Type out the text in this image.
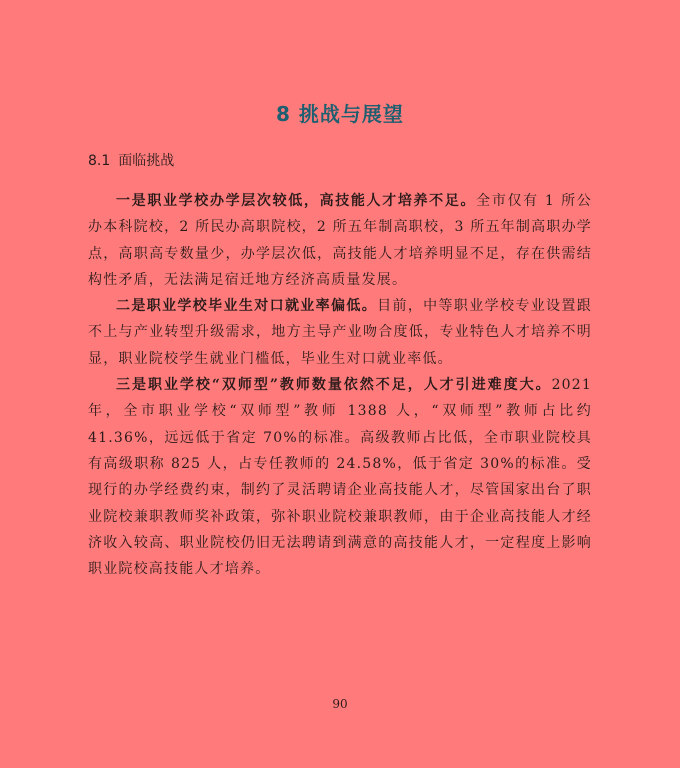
8 挑战与展望
8.1 面临挑战

一是职业学校办学层次较低，高技能人才培养不足。全市仅有 1 所公办本科院校，2 所民办高职院校，2 所五年制高职校，3 所五年制高职办学点，高职高专数量少，办学层次低，高技能人才培养明显不足，存在供需结构性矛盾，无法满足宿迁地方经济高质量发展。

二是职业学校毕业生对口就业率偏低。目前，中等职业学校专业设置跟不上与产业转型升级需求，地方主导产业吻合度低，专业特色人才培养不明显，职业院校学生就业门槛低，毕业生对口就业率低。

三是职业学校“双师型”教师数量依然不足，人才引进难度大。2021 年，全市职业学校“双师型”教师 1388 人，“双师型”教师占比约 41.36%，远远低于省定 70%的标准。高级教师占比低，全市职业院校具有高级职称 825 人，占专任教师的 24.58%，低于省定 30%的标准。受现行的办学经费约束，制约了灵活聘请企业高技能人才，尽管国家出台了职业院校兼职教师奖补政策，弥补职业院校兼职教师，由于企业高技能人才经济收入较高、职业院校仍旧无法聘请到满意的高技能人才，一定程度上影响职业院校高技能人才培养。

90
